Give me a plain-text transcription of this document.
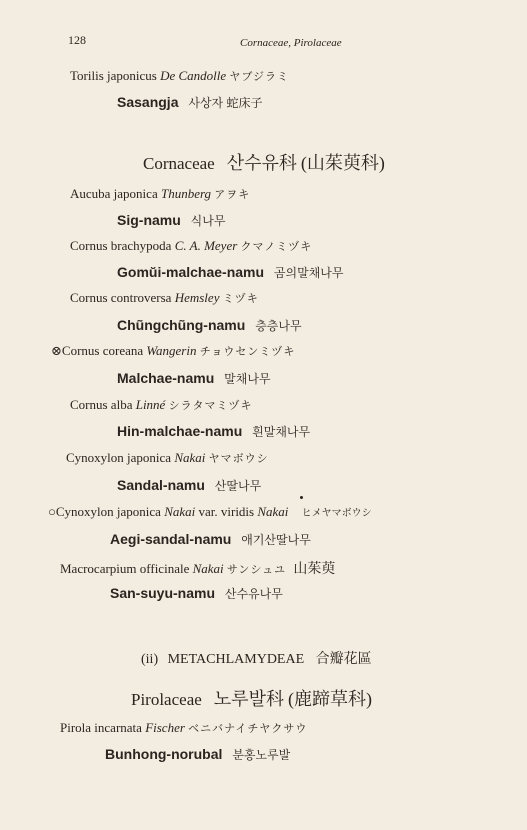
128	Cornaceae, Pirolaceae
Torilis japonicus De Candolle ヤブジラミ
Sasangja 사상자 蛇床子
Cornaceae 산수유科 (山茱萸科)
Aucuba japonica Thunberg アヲキ
Sig-namu 식나무
Cornus brachypoda C. A. Meyer クマノミヅキ
Gomŭi-malchae-namu 곰의말채나무
Cornus controversa Hemsley ミヅキ
Chũngchũng-namu 층층나무
⊗Cornus coreana Wangerin チョウセンミヅキ
Malchae-namu 말채나무
Cornus alba Linné シラタマミヅキ
Hin-malchae-namu 흰말채나무
Cynoxylon japonica Nakai ヤマボウシ
Sandal-namu 산딸나무
○Cynoxylon japonica Nakai var. viridis Nakai ヒメヤマボウシ
Aegi-sandal-namu 애기산딸나무
Macrocarpium officinale Nakai サンシュユ 山茱萸
San-suyu-namu 산수유나무
(ii) METACHLAMYDEAE 合瓣花區
Pirolaceae 노루발科 (鹿蹄草科)
Pirola incarnata Fischer ベニバナイチヤクサウ
Bunhong-norubal 분홍노루발
